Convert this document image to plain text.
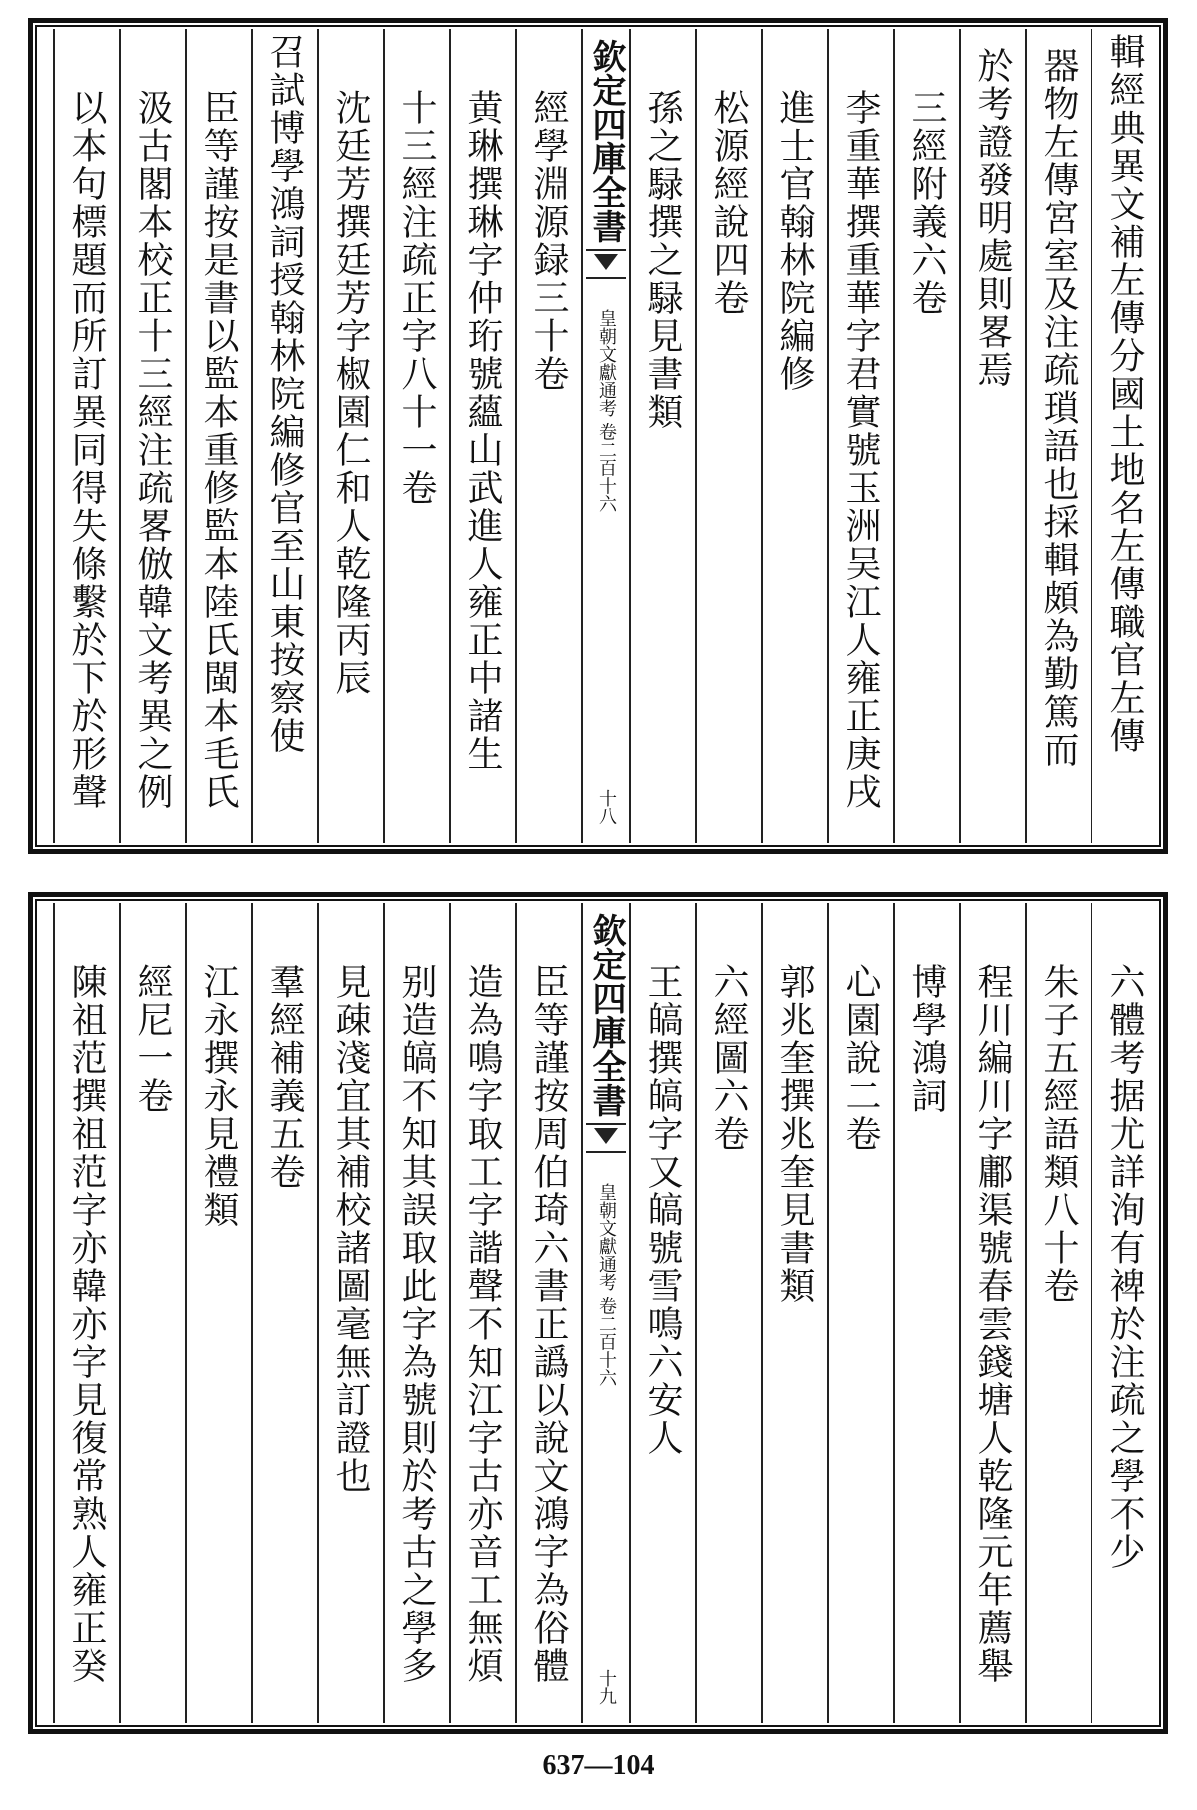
輯經典異文補左傳分國土地名左傳職官左傳
器物左傳宮室及注疏瑣語也採輯頗為勤篤而
於考證發明處則畧焉
三經附義六卷
李重華撰重華字君實號玉洲吴江人雍正庚戌
進士官翰林院編修
松源經說四卷
孫之騄撰之騄見書類
欽定四庫全書
皇朝文獻通考 卷二百十六
十八
經學淵源録三十卷
黄琳撰琳字仲珩號蘊山武進人雍正中諸生
十三經注疏正字八十一卷
沈廷芳撰廷芳字椒園仁和人乾隆丙辰
召試博學鴻詞授翰林院編修官至山東按察使
臣等謹按是書以監本重修監本陸氏閩本毛氏
汲古閣本校正十三經注疏畧倣韓文考異之例
以本句標題而所訂異同得失條繫於下於形聲
六體考据尤詳洵有裨於注疏之學不少
朱子五經語類八十卷
程川編川字鄘渠號春雲錢塘人乾隆元年薦舉
博學鴻詞
心園說二卷
郭兆奎撰兆奎見書類
六經圖六卷
王皜撰皜字又皜號雪鳴六安人
欽定四庫全書
皇朝文獻通考 卷二百十六
十九
臣等謹按周伯琦六書正譌以說文鴻字為俗體
造為鳴字取工字諧聲不知江字古亦音工無煩
别造皜不知其誤取此字為號則於考古之學多
見疎淺宜其補校諸圖毫無訂證也
羣經補義五卷
江永撰永見禮類
經尼一卷
陳祖范撰祖范字亦韓亦字見復常熟人雍正癸
637—104
